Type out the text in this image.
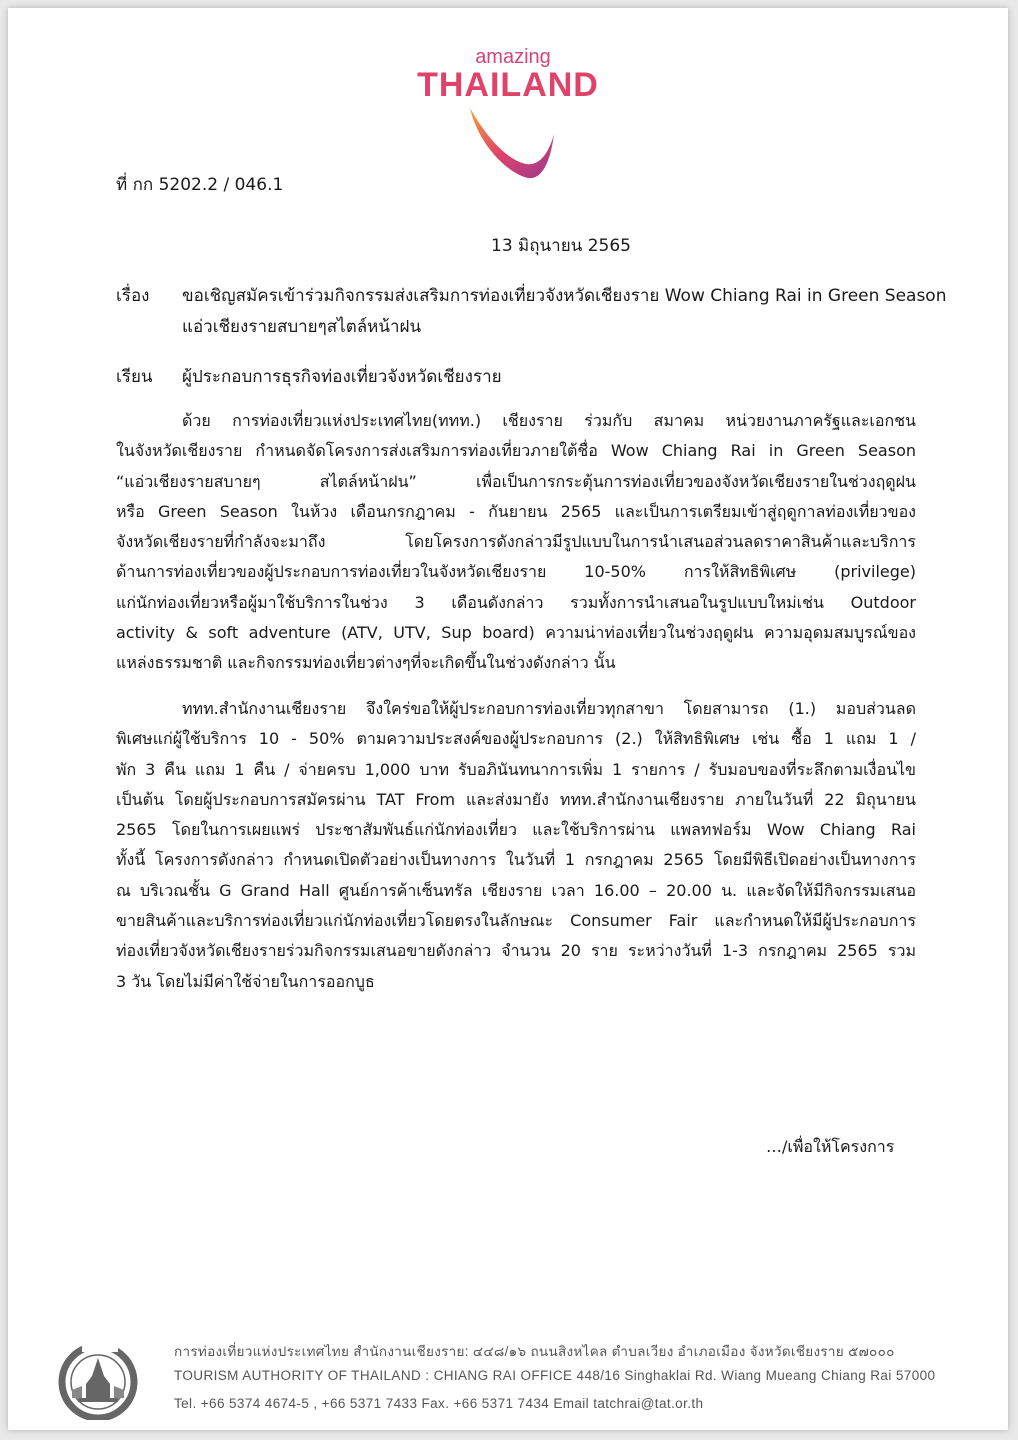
amazing
THAILAND
ที่ กก 5202.2 / 046.1
13 มิถุนายน 2565
เรื่อง ขอเชิญสมัครเข้าร่วมกิจกรรมส่งเสริมการท่องเที่ยวจังหวัดเชียงราย Wow Chiang Rai in Green Season
แอ่วเชียงรายสบายๆสไตล์หน้าฝน
เรียน ผู้ประกอบการธุรกิจท่องเที่ยวจังหวัดเชียงราย
ด้วย การท่องเที่ยวแห่งประเทศไทย(ททท.) เชียงราย ร่วมกับ สมาคม หน่วยงานภาครัฐและเอกชน
ในจังหวัดเชียงราย กำหนดจัดโครงการส่งเสริมการท่องเที่ยวภายใต้ชื่อ Wow Chiang Rai in Green Season
“แอ่วเชียงรายสบายๆ สไตล์หน้าฝน” เพื่อเป็นการกระตุ้นการท่องเที่ยวของจังหวัดเชียงรายในช่วงฤดูฝน
หรือ Green Season ในห้วง เดือนกรกฎาคม - กันยายน 2565 และเป็นการเตรียมเข้าสู่ฤดูกาลท่องเที่ยวของ
จังหวัดเชียงรายที่กำลังจะมาถึง โดยโครงการดังกล่าวมีรูปแบบในการนำเสนอส่วนลดราคาสินค้าและบริการ
ด้านการท่องเที่ยวของผู้ประกอบการท่องเที่ยวในจังหวัดเชียงราย 10-50% การให้สิทธิพิเศษ (privilege)
แก่นักท่องเที่ยวหรือผู้มาใช้บริการในช่วง 3 เดือนดังกล่าว รวมทั้งการนำเสนอในรูปแบบใหม่เช่น Outdoor
activity & soft adventure (ATV, UTV, Sup board) ความน่าท่องเที่ยวในช่วงฤดูฝน ความอุดมสมบูรณ์ของ
แหล่งธรรมชาติ และกิจกรรมท่องเที่ยวต่างๆที่จะเกิดขึ้นในช่วงดังกล่าว นั้น
ททท.สำนักงานเชียงราย จึงใคร่ขอให้ผู้ประกอบการท่องเที่ยวทุกสาขา โดยสามารถ (1.) มอบส่วนลด
พิเศษแก่ผู้ใช้บริการ 10 - 50% ตามความประสงค์ของผู้ประกอบการ (2.) ให้สิทธิพิเศษ เช่น ซื้อ 1 แถม 1 /
พัก 3 คืน แถม 1 คืน / จ่ายครบ 1,000 บาท รับอภินันทนาการเพิ่ม 1 รายการ / รับมอบของที่ระลึกตามเงื่อนไข
เป็นต้น โดยผู้ประกอบการสมัครผ่าน TAT From และส่งมายัง ททท.สำนักงานเชียงราย ภายในวันที่ 22 มิถุนายน
2565 โดยในการเผยแพร่ ประชาสัมพันธ์แก่นักท่องเที่ยว และใช้บริการผ่าน แพลทฟอร์ม Wow Chiang Rai
ทั้งนี้ โครงการดังกล่าว กำหนดเปิดตัวอย่างเป็นทางการ ในวันที่ 1 กรกฎาคม 2565 โดยมีพิธีเปิดอย่างเป็นทางการ
ณ บริเวณชั้น G Grand Hall ศูนย์การค้าเซ็นทรัล เชียงราย เวลา 16.00 – 20.00 น. และจัดให้มีกิจกรรมเสนอ
ขายสินค้าและบริการท่องเที่ยวแก่นักท่องเที่ยวโดยตรงในลักษณะ Consumer Fair และกำหนดให้มีผู้ประกอบการ
ท่องเที่ยวจังหวัดเชียงรายร่วมกิจกรรมเสนอขายดังกล่าว จำนวน 20 ราย ระหว่างวันที่ 1-3 กรกฎาคม 2565 รวม
3 วัน โดยไม่มีค่าใช้จ่ายในการออกบูธ
…/เพื่อให้โครงการ
การท่องเที่ยวแห่งประเทศไทย สำนักงานเชียงราย: ๔๔๘/๑๖ ถนนสิงหไคล ตำบลเวียง อำเภอเมือง จังหวัดเชียงราย ๕๗๐๐๐
TOURISM AUTHORITY OF THAILAND : CHIANG RAI OFFICE 448/16 Singhaklai Rd. Wiang Mueang Chiang Rai 57000
Tel. +66 5374 4674-5 , +66 5371 7433 Fax. +66 5371 7434 Email tatchrai@tat.or.th
